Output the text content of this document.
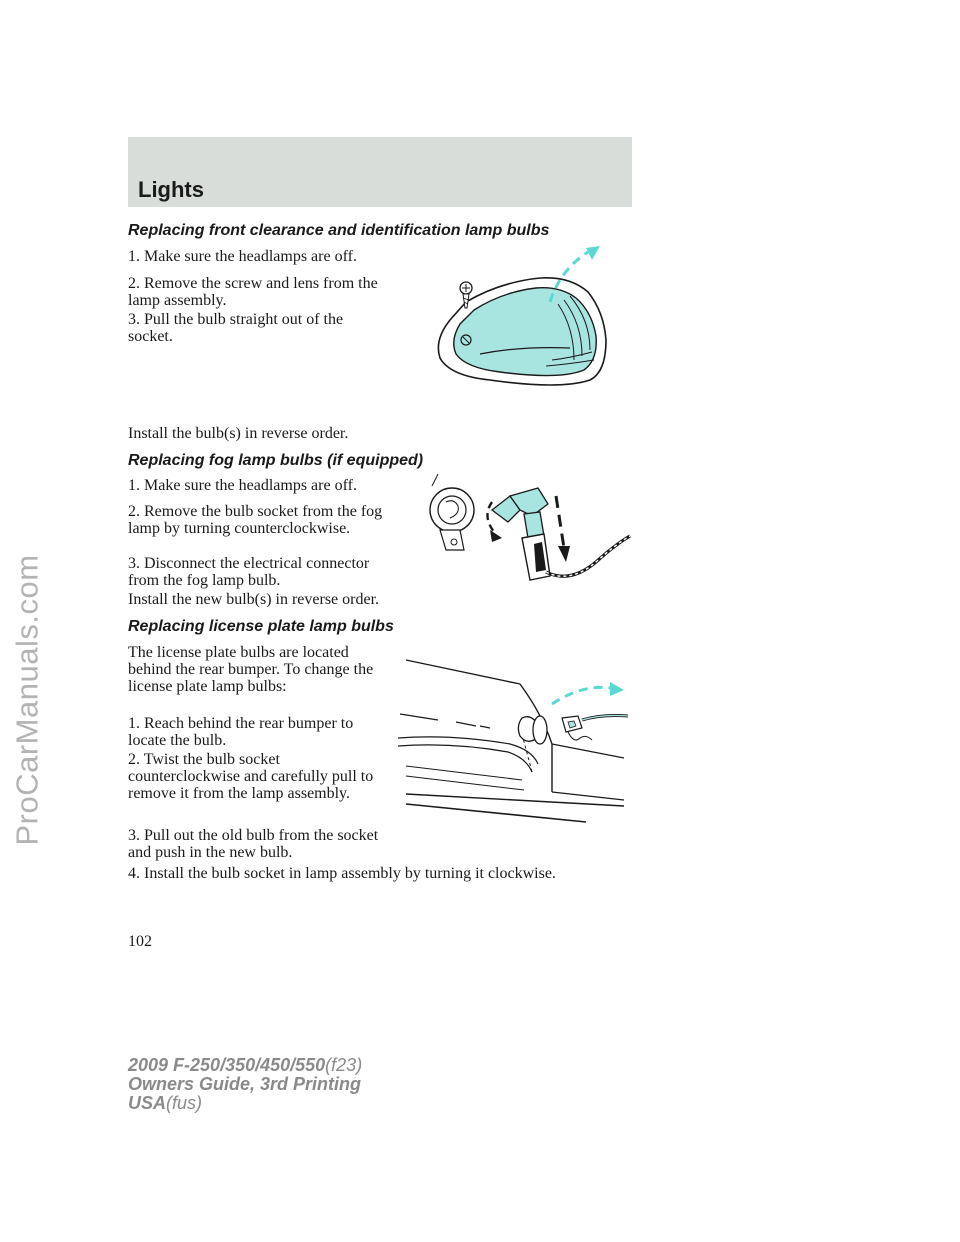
ProCarManuals.com
Lights
Replacing front clearance and identification lamp bulbs
1. Make sure the headlamps are off.
2. Remove the screw and lens from the lamp assembly.
3. Pull the bulb straight out of the socket.
Install the bulb(s) in reverse order.
Replacing fog lamp bulbs (if equipped)
1. Make sure the headlamps are off.
2. Remove the bulb socket from the fog lamp by turning counterclockwise.
3. Disconnect the electrical connector from the fog lamp bulb.
Install the new bulb(s) in reverse order.
Replacing license plate lamp bulbs
The license plate bulbs are located behind the rear bumper. To change the license plate lamp bulbs:
1. Reach behind the rear bumper to locate the bulb.
2. Twist the bulb socket counterclockwise and carefully pull to remove it from the lamp assembly.
3. Pull out the old bulb from the socket and push in the new bulb.
4. Install the bulb socket in lamp assembly by turning it clockwise.
102
2009 F-250/350/450/550(f23)
Owners Guide, 3rd Printing
USA(fus)
